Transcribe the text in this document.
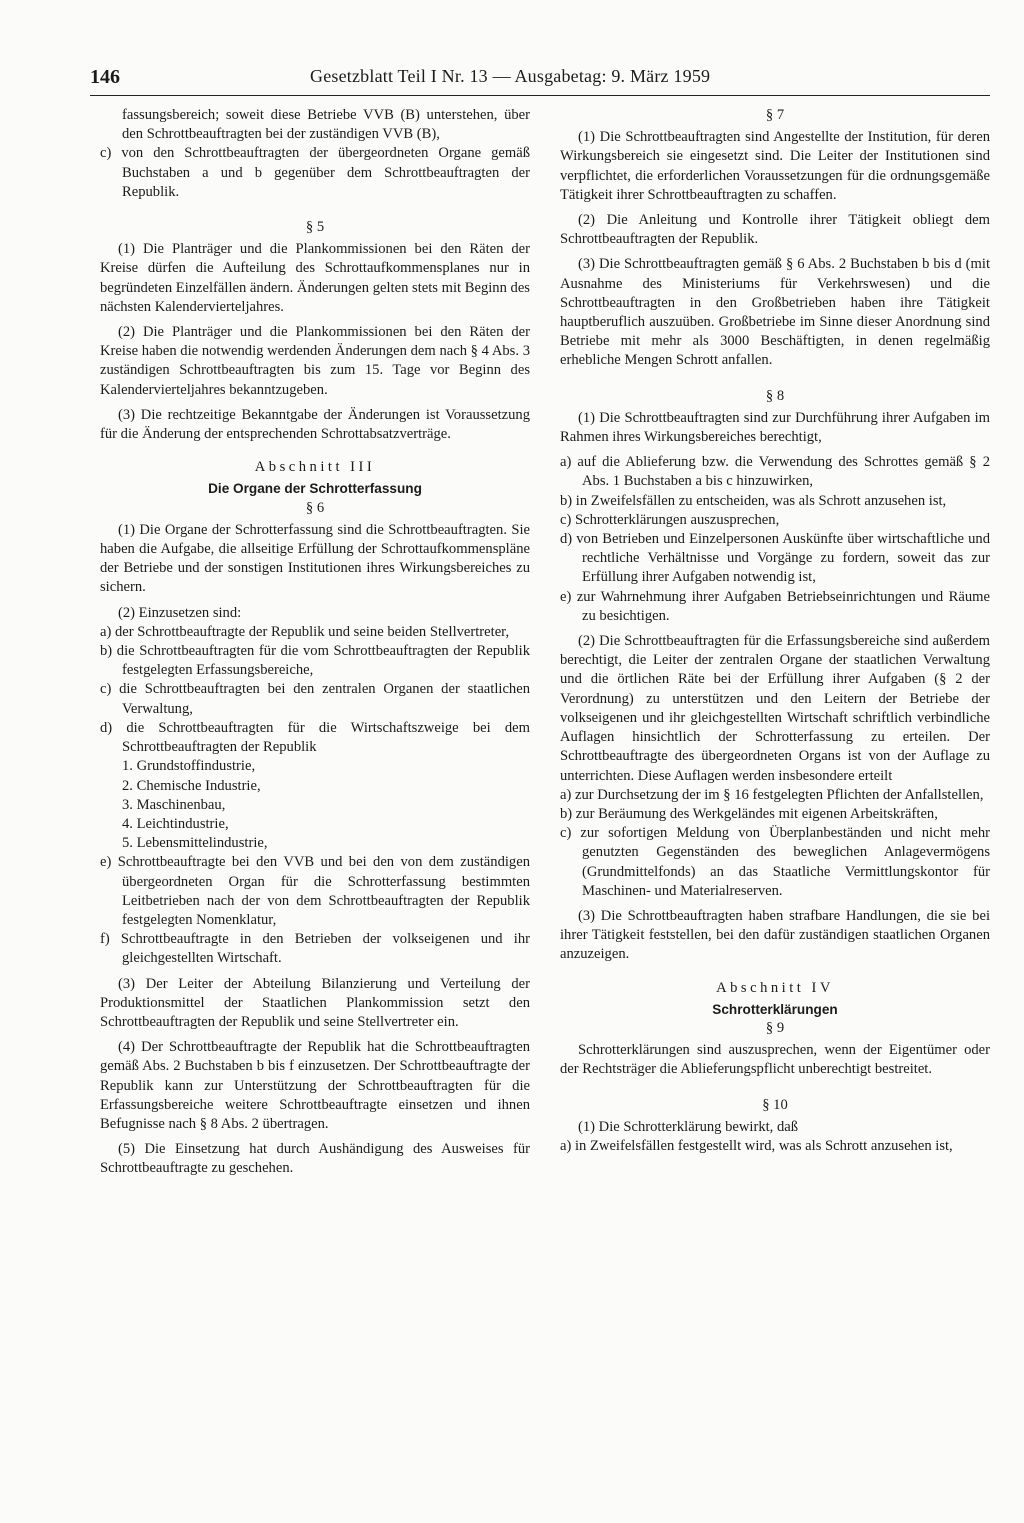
146	Gesetzblatt Teil I Nr. 13 — Ausgabetag: 9. März 1959

fassungsbereich; soweit diese Betriebe VVB (B) unterstehen, über den Schrottbeauftragten bei der zuständigen VVB (B),

c) von den Schrottbeauftragten der übergeordneten Organe gemäß Buchstaben a und b gegenüber dem Schrottbeauftragten der Republik.

§ 5

(1) Die Planträger und die Plankommissionen bei den Räten der Kreise dürfen die Aufteilung des Schrottaufkommensplanes nur in begründeten Einzelfällen ändern. Änderungen gelten stets mit Beginn des nächsten Kalendervierteljahres.

(2) Die Planträger und die Plankommissionen bei den Räten der Kreise haben die notwendig werdenden Änderungen dem nach § 4 Abs. 3 zuständigen Schrottbeauftragten bis zum 15. Tage vor Beginn des Kalendervierteljahres bekanntzugeben.

(3) Die rechtzeitige Bekanntgabe der Änderungen ist Voraussetzung für die Änderung der entsprechenden Schrottabsatzverträge.

Abschnitt III
Die Organe der Schrotterfassung
§ 6

(1) Die Organe der Schrotterfassung sind die Schrottbeauftragten. Sie haben die Aufgabe, die allseitige Erfüllung der Schrottaufkommenspläne der Betriebe und der sonstigen Institutionen ihres Wirkungsbereiches zu sichern.

(2) Einzusetzen sind:

a) der Schrottbeauftragte der Republik und seine beiden Stellvertreter,

b) die Schrottbeauftragten für die vom Schrottbeauftragten der Republik festgelegten Erfassungsbereiche,

c) die Schrottbeauftragten bei den zentralen Organen der staatlichen Verwaltung,

d) die Schrottbeauftragten für die Wirtschaftszweige bei dem Schrottbeauftragten der Republik

1. Grundstoffindustrie,

2. Chemische Industrie,

3. Maschinenbau,

4. Leichtindustrie,

5. Lebensmittelindustrie,

e) Schrottbeauftragte bei den VVB und bei den von dem zuständigen übergeordneten Organ für die Schrotterfassung bestimmten Leitbetrieben nach der von dem Schrottbeauftragten der Republik festgelegten Nomenklatur,

f) Schrottbeauftragte in den Betrieben der volkseigenen und ihr gleichgestellten Wirtschaft.

(3) Der Leiter der Abteilung Bilanzierung und Verteilung der Produktionsmittel der Staatlichen Plankommission setzt den Schrottbeauftragten der Republik und seine Stellvertreter ein.

(4) Der Schrottbeauftragte der Republik hat die Schrottbeauftragten gemäß Abs. 2 Buchstaben b bis f einzusetzen. Der Schrottbeauftragte der Republik kann zur Unterstützung der Schrottbeauftragten für die Erfassungsbereiche weitere Schrottbeauftragte einsetzen und ihnen Befugnisse nach § 8 Abs. 2 übertragen.

(5) Die Einsetzung hat durch Aushändigung des Ausweises für Schrottbeauftragte zu geschehen.

§ 7

(1) Die Schrottbeauftragten sind Angestellte der Institution, für deren Wirkungsbereich sie eingesetzt sind. Die Leiter der Institutionen sind verpflichtet, die erforderlichen Voraussetzungen für die ordnungsgemäße Tätigkeit ihrer Schrottbeauftragten zu schaffen.

(2) Die Anleitung und Kontrolle ihrer Tätigkeit obliegt dem Schrottbeauftragten der Republik.

(3) Die Schrottbeauftragten gemäß § 6 Abs. 2 Buchstaben b bis d (mit Ausnahme des Ministeriums für Verkehrswesen) und die Schrottbeauftragten in den Großbetrieben haben ihre Tätigkeit hauptberuflich auszuüben. Großbetriebe im Sinne dieser Anordnung sind Betriebe mit mehr als 3000 Beschäftigten, in denen regelmäßig erhebliche Mengen Schrott anfallen.

§ 8

(1) Die Schrottbeauftragten sind zur Durchführung ihrer Aufgaben im Rahmen ihres Wirkungsbereiches berechtigt,

a) auf die Ablieferung bzw. die Verwendung des Schrottes gemäß § 2 Abs. 1 Buchstaben a bis c hinzuwirken,

b) in Zweifelsfällen zu entscheiden, was als Schrott anzusehen ist,

c) Schrotterklärungen auszusprechen,

d) von Betrieben und Einzelpersonen Auskünfte über wirtschaftliche und rechtliche Verhältnisse und Vorgänge zu fordern, soweit das zur Erfüllung ihrer Aufgaben notwendig ist,

e) zur Wahrnehmung ihrer Aufgaben Betriebseinrichtungen und Räume zu besichtigen.

(2) Die Schrottbeauftragten für die Erfassungsbereiche sind außerdem berechtigt, die Leiter der zentralen Organe der staatlichen Verwaltung und die örtlichen Räte bei der Erfüllung ihrer Aufgaben (§ 2 der Verordnung) zu unterstützen und den Leitern der Betriebe der volkseigenen und ihr gleichgestellten Wirtschaft schriftlich verbindliche Auflagen hinsichtlich der Schrotterfassung zu erteilen. Der Schrottbeauftragte des übergeordneten Organs ist von der Auflage zu unterrichten. Diese Auflagen werden insbesondere erteilt

a) zur Durchsetzung der im § 16 festgelegten Pflichten der Anfallstellen,

b) zur Beräumung des Werkgeländes mit eigenen Arbeitskräften,

c) zur sofortigen Meldung von Überplanbeständen und nicht mehr genutzten Gegenständen des beweglichen Anlagevermögens (Grundmittelfonds) an das Staatliche Vermittlungskontor für Maschinen- und Materialreserven.

(3) Die Schrottbeauftragten haben strafbare Handlungen, die sie bei ihrer Tätigkeit feststellen, bei den dafür zuständigen staatlichen Organen anzuzeigen.

Abschnitt IV
Schrotterklärungen
§ 9

Schrotterklärungen sind auszusprechen, wenn der Eigentümer oder der Rechtsträger die Ablieferungspflicht unberechtigt bestreitet.

§ 10

(1) Die Schrotterklärung bewirkt, daß

a) in Zweifelsfällen festgestellt wird, was als Schrott anzusehen ist,
